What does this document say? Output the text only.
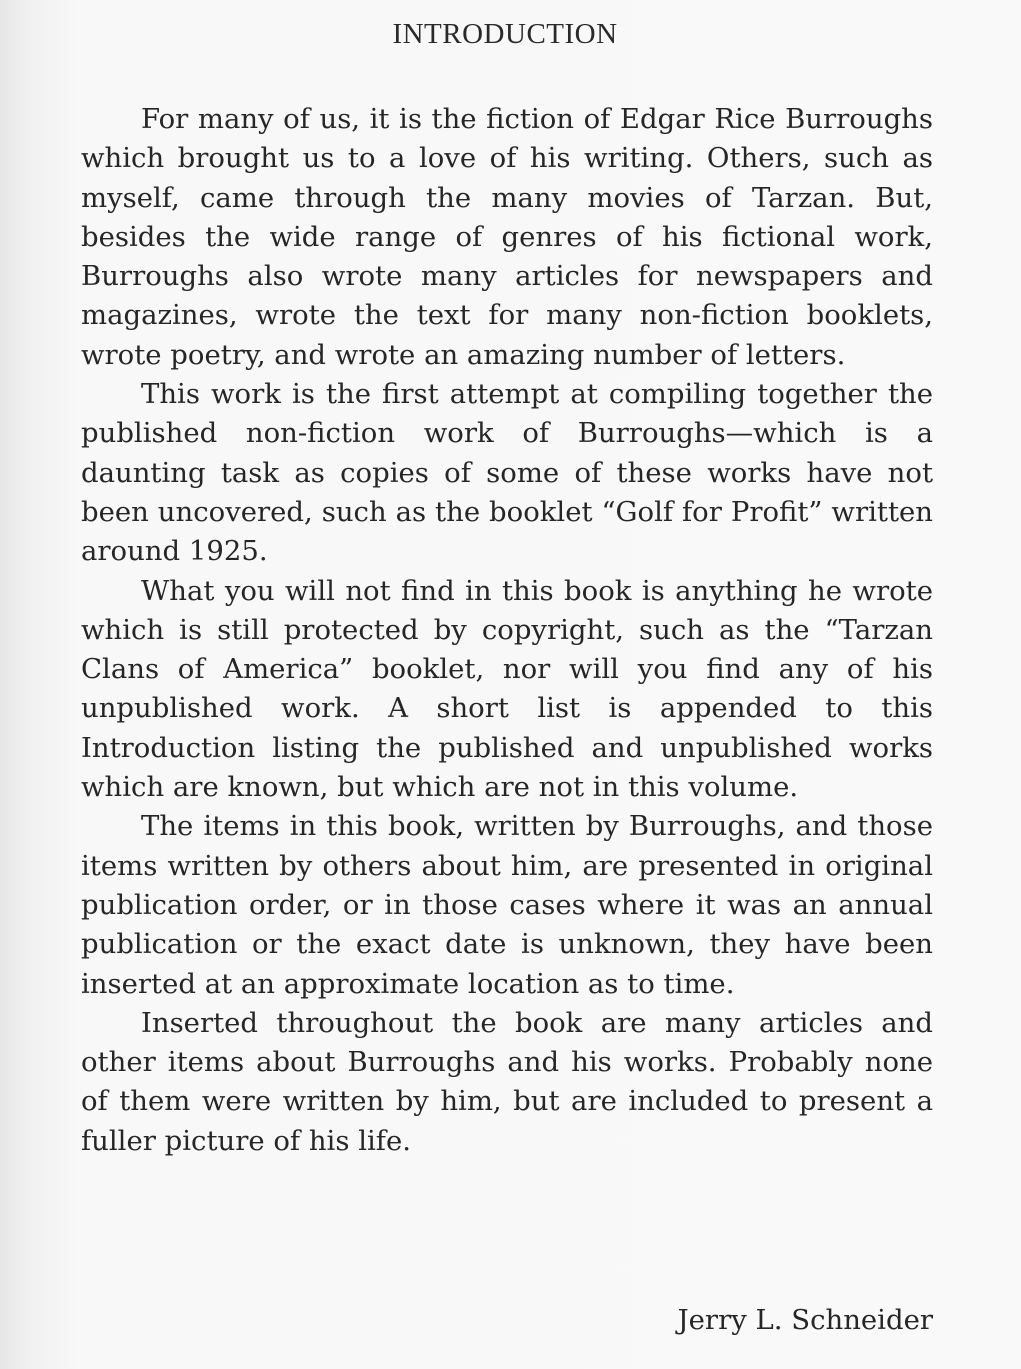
INTRODUCTION

For many of us, it is the fiction of Edgar Rice Burroughs which brought us to a love of his writing. Others, such as myself, came through the many movies of Tarzan. But, besides the wide range of genres of his fictional work, Burroughs also wrote many articles for newspapers and magazines, wrote the text for many non-fiction booklets, wrote poetry, and wrote an amazing number of letters.

This work is the first attempt at compiling together the published non-fiction work of Burroughs—which is a daunting task as copies of some of these works have not been uncovered, such as the booklet “Golf for Profit” written around 1925.

What you will not find in this book is anything he wrote which is still protected by copyright, such as the “Tarzan Clans of America” booklet, nor will you find any of his unpublished work. A short list is appended to this Introduction listing the published and unpublished works which are known, but which are not in this volume.

The items in this book, written by Burroughs, and those items written by others about him, are presented in original publication order, or in those cases where it was an annual publication or the exact date is unknown, they have been inserted at an approximate location as to time.

Inserted throughout the book are many articles and other items about Burroughs and his works. Probably none of them were written by him, but are included to present a fuller picture of his life.

Jerry L. Schneider
